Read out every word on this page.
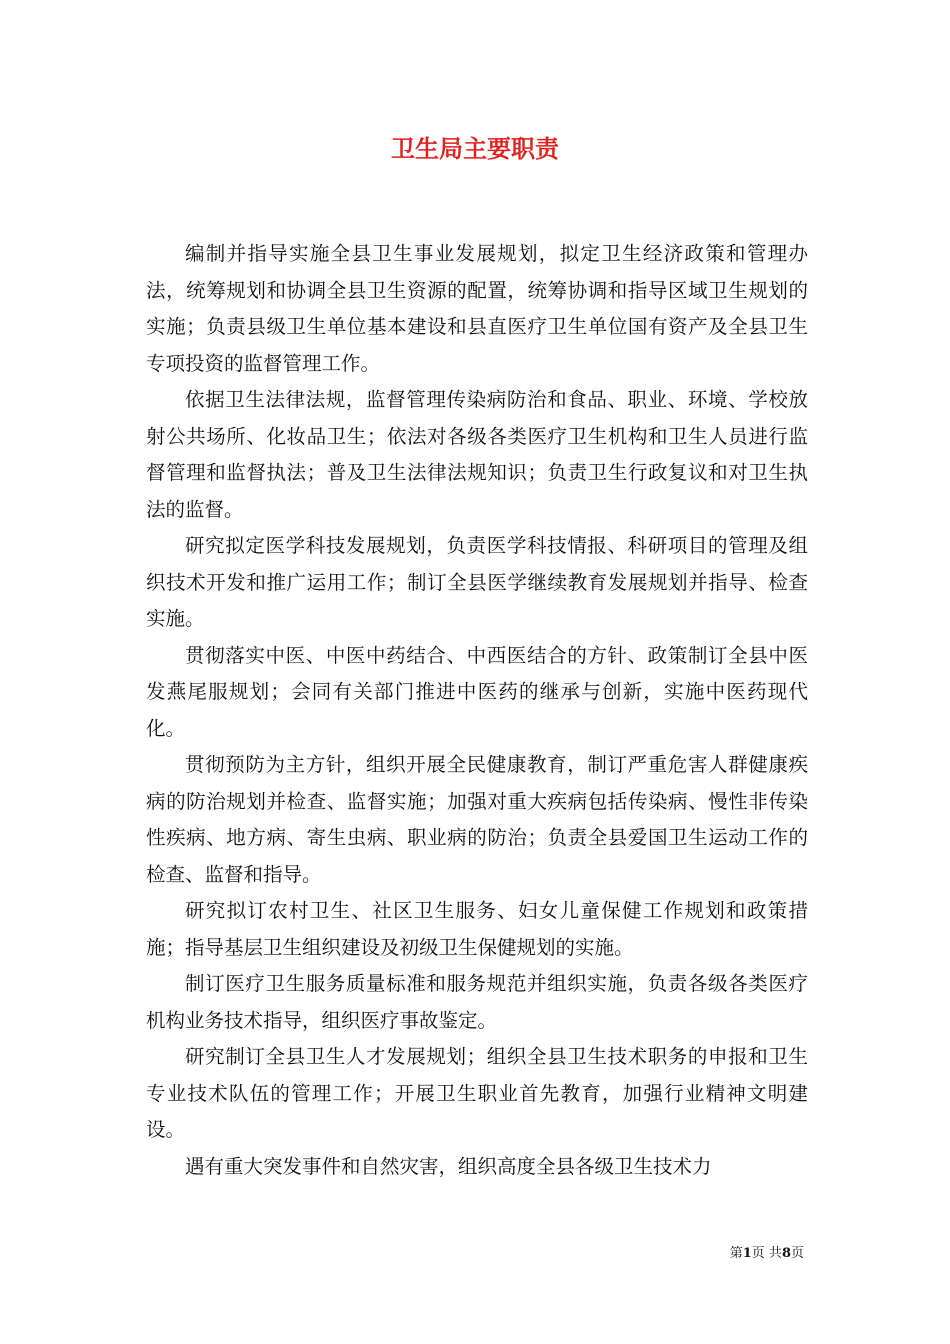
卫生局主要职责

编制并指导实施全县卫生事业发展规划，拟定卫生经济政策和管理办法，统筹规划和协调全县卫生资源的配置，统筹协调和指导区域卫生规划的实施；负责县级卫生单位基本建设和县直医疗卫生单位国有资产及全县卫生专项投资的监督管理工作。

依据卫生法律法规，监督管理传染病防治和食品、职业、环境、学校放射公共场所、化妆品卫生；依法对各级各类医疗卫生机构和卫生人员进行监督管理和监督执法；普及卫生法律法规知识；负责卫生行政复议和对卫生执法的监督。

研究拟定医学科技发展规划，负责医学科技情报、科研项目的管理及组织技术开发和推广运用工作；制订全县医学继续教育发展规划并指导、检查实施。

贯彻落实中医、中医中药结合、中西医结合的方针、政策制订全县中医发燕尾服规划；会同有关部门推进中医药的继承与创新，实施中医药现代化。

贯彻预防为主方针，组织开展全民健康教育，制订严重危害人群健康疾病的防治规划并检查、监督实施；加强对重大疾病包括传染病、慢性非传染性疾病、地方病、寄生虫病、职业病的防治；负责全县爱国卫生运动工作的检查、监督和指导。

研究拟订农村卫生、社区卫生服务、妇女儿童保健工作规划和政策措施；指导基层卫生组织建设及初级卫生保健规划的实施。

制订医疗卫生服务质量标准和服务规范并组织实施，负责各级各类医疗机构业务技术指导，组织医疗事故鉴定。

研究制订全县卫生人才发展规划；组织全县卫生技术职务的申报和卫生专业技术队伍的管理工作；开展卫生职业首先教育，加强行业精神文明建设。

遇有重大突发事件和自然灾害，组织高度全县各级卫生技术力

第1页 共8页
